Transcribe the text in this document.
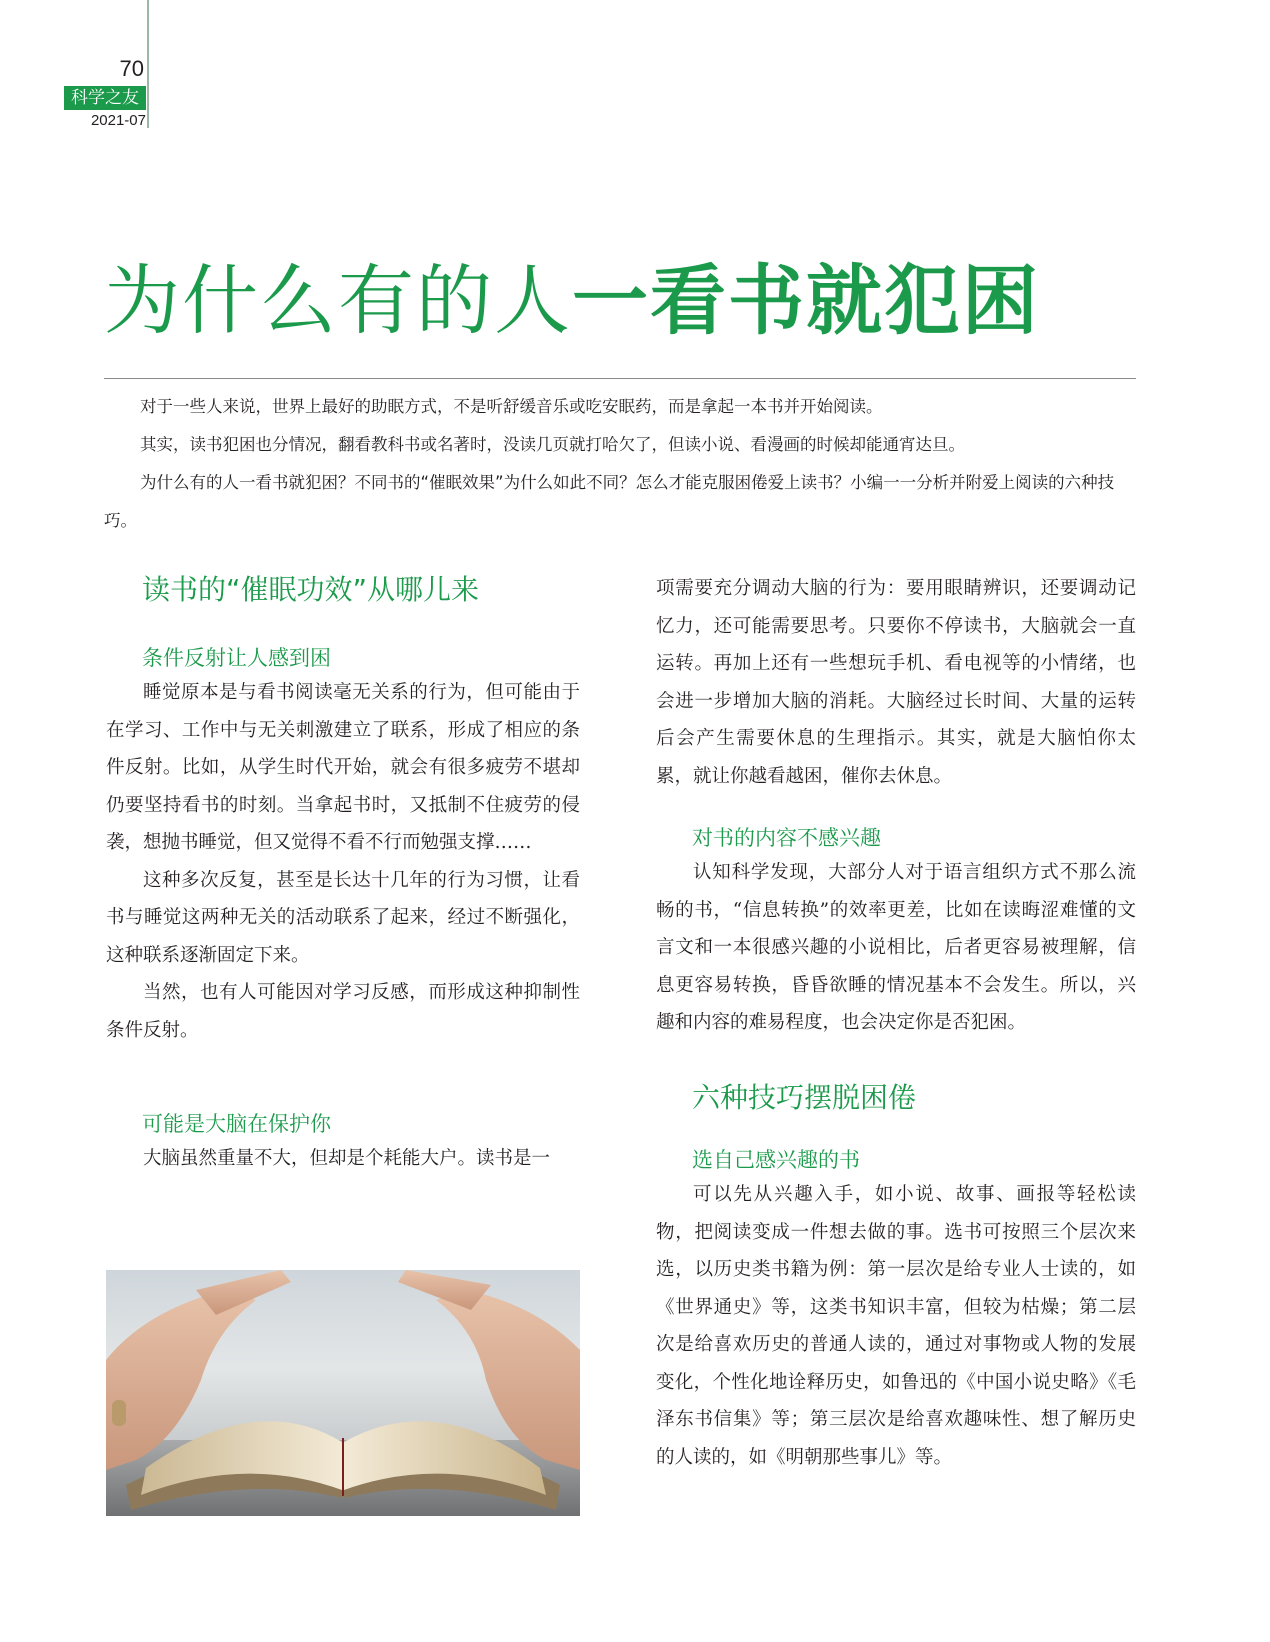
70
科学之友
2021-07
为什么有的人一看书就犯困

对于一些人来说，世界上最好的助眠方式，不是听舒缓音乐或吃安眠药，而是拿起一本书并开始阅读。

其实，读书犯困也分情况，翻看教科书或名著时，没读几页就打哈欠了，但读小说、看漫画的时候却能通宵达旦。

为什么有的人一看书就犯困？不同书的“催眠效果”为什么如此不同？怎么才能克服困倦爱上读书？小编一一分析并附爱上阅读的六种技巧。

读书的“催眠功效”从哪儿来
条件反射让人感到困

睡觉原本是与看书阅读毫无关系的行为，但可能由于在学习、工作中与无关刺激建立了联系，形成了相应的条件反射。比如，从学生时代开始，就会有很多疲劳不堪却仍要坚持看书的时刻。当拿起书时，又抵制不住疲劳的侵袭，想抛书睡觉，但又觉得不看不行而勉强支撑……

这种多次反复，甚至是长达十几年的行为习惯，让看书与睡觉这两种无关的活动联系了起来，经过不断强化，这种联系逐渐固定下来。

当然，也有人可能因对学习反感，而形成这种抑制性条件反射。

可能是大脑在保护你

大脑虽然重量不大，但却是个耗能大户。读书是一

项需要充分调动大脑的行为：要用眼睛辨识，还要调动记忆力，还可能需要思考。只要你不停读书，大脑就会一直运转。再加上还有一些想玩手机、看电视等的小情绪，也会进一步增加大脑的消耗。大脑经过长时间、大量的运转后会产生需要休息的生理指示。其实，就是大脑怕你太累，就让你越看越困，催你去休息。

对书的内容不感兴趣

认知科学发现，大部分人对于语言组织方式不那么流畅的书，“信息转换”的效率更差，比如在读晦涩难懂的文言文和一本很感兴趣的小说相比，后者更容易被理解，信息更容易转换，昏昏欲睡的情况基本不会发生。所以，兴趣和内容的难易程度，也会决定你是否犯困。

六种技巧摆脱困倦
选自己感兴趣的书

可以先从兴趣入手，如小说、故事、画报等轻松读物，把阅读变成一件想去做的事。选书可按照三个层次来选，以历史类书籍为例：第一层次是给专业人士读的，如《世界通史》等，这类书知识丰富，但较为枯燥；第二层次是给喜欢历史的普通人读的，通过对事物或人物的发展变化，个性化地诠释历史，如鲁迅的《中国小说史略》《毛泽东书信集》等；第三层次是给喜欢趣味性、想了解历史的人读的，如《明朝那些事儿》等。
